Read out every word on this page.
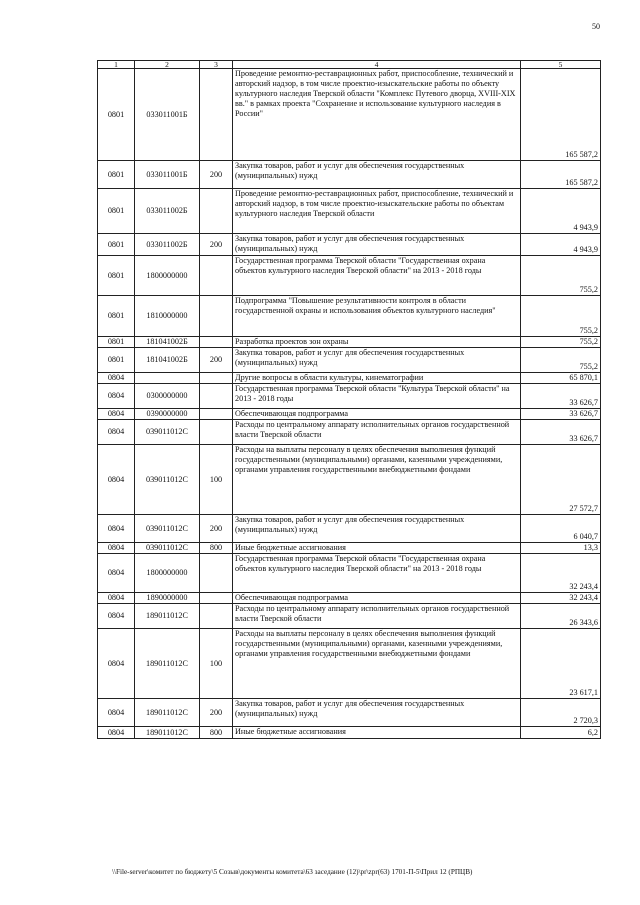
50
1	2	3	4	5
0801	033011001Б		Проведение ремонтно-реставрационных работ, приспособление, технический и авторский надзор, в том числе проектно-изыскательские работы по объекту культурного наследия Тверской области "Комплекс Путевого дворца, XVIII-XIX вв." в рамках проекта "Сохранение и использование культурного наследия в России"	165 587,2
0801	033011001Б	200	Закупка товаров, работ и услуг для обеспечения государственных (муниципальных) нужд	165 587,2
0801	033011002Б		Проведение ремонтно-реставрационных работ, приспособление, технический и авторский надзор, в том числе проектно-изыскательские работы по объектам культурного наследия Тверской области	4 943,9
0801	033011002Б	200	Закупка товаров, работ и услуг для обеспечения государственных (муниципальных) нужд	4 943,9
0801	1800000000		Государственная программа Тверской области "Государственная охрана объектов культурного наследия Тверской области" на 2013 - 2018 годы	755,2
0801	1810000000		Подпрограмма "Повышение результативности контроля в области государственной охраны и использования объектов культурного наследия"	755,2
0801	181041002Б		Разработка проектов зон охраны	755,2
0801	181041002Б	200	Закупка товаров, работ и услуг для обеспечения государственных (муниципальных) нужд	755,2
0804			Другие вопросы в области культуры, кинематографии	65 870,1
0804	0300000000		Государственная программа Тверской области "Культура Тверской области" на 2013 - 2018 годы	33 626,7
0804	0390000000		Обеспечивающая подпрограмма	33 626,7
0804	039011012С		Расходы по центральному аппарату исполнительных органов государственной власти Тверской области	33 626,7
0804	039011012С	100	Расходы на выплаты персоналу в целях обеспечения выполнения функций государственными (муниципальными) органами, казенными учреждениями, органами управления государственными внебюджетными фондами	27 572,7
0804	039011012С	200	Закупка товаров, работ и услуг для обеспечения государственных (муниципальных) нужд	6 040,7
0804	039011012С	800	Иные бюджетные ассигнования	13,3
0804	1800000000		Государственная программа Тверской области "Государственная охрана объектов культурного наследия Тверской области" на 2013 - 2018 годы	32 243,4
0804	1890000000		Обеспечивающая подпрограмма	32 243,4
0804	189011012С		Расходы по центральному аппарату исполнительных органов государственной власти Тверской области	26 343,6
0804	189011012С	100	Расходы на выплаты персоналу в целях обеспечения выполнения функций государственными (муниципальными) органами, казенными учреждениями, органами управления государственными внебюджетными фондами	23 617,1
0804	189011012С	200	Закупка товаров, работ и услуг для обеспечения государственных (муниципальных) нужд	2 720,3
0804	189011012С	800	Иные бюджетные ассигнования	6,2
\\File-server\комитет по бюджету\5 Созыв\документы комитета\63 заседание (12)\pr\zpr(63) 1701-П-5\Прил 12 (РПЦВ)
